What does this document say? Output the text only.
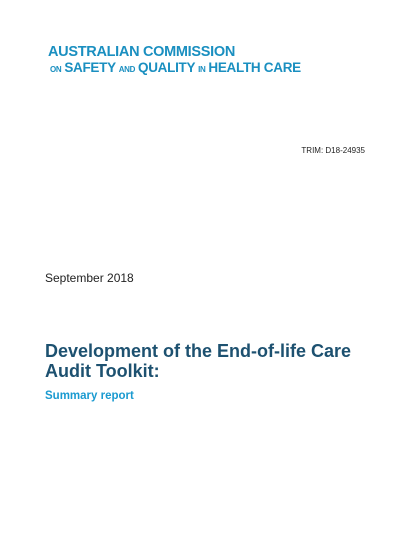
AUSTRALIAN COMMISSION
ON SAFETY AND QUALITY IN HEALTH CARE
TRIM: D18-24935
September 2018
Development of the End-of-life Care Audit Toolkit:
Summary report
